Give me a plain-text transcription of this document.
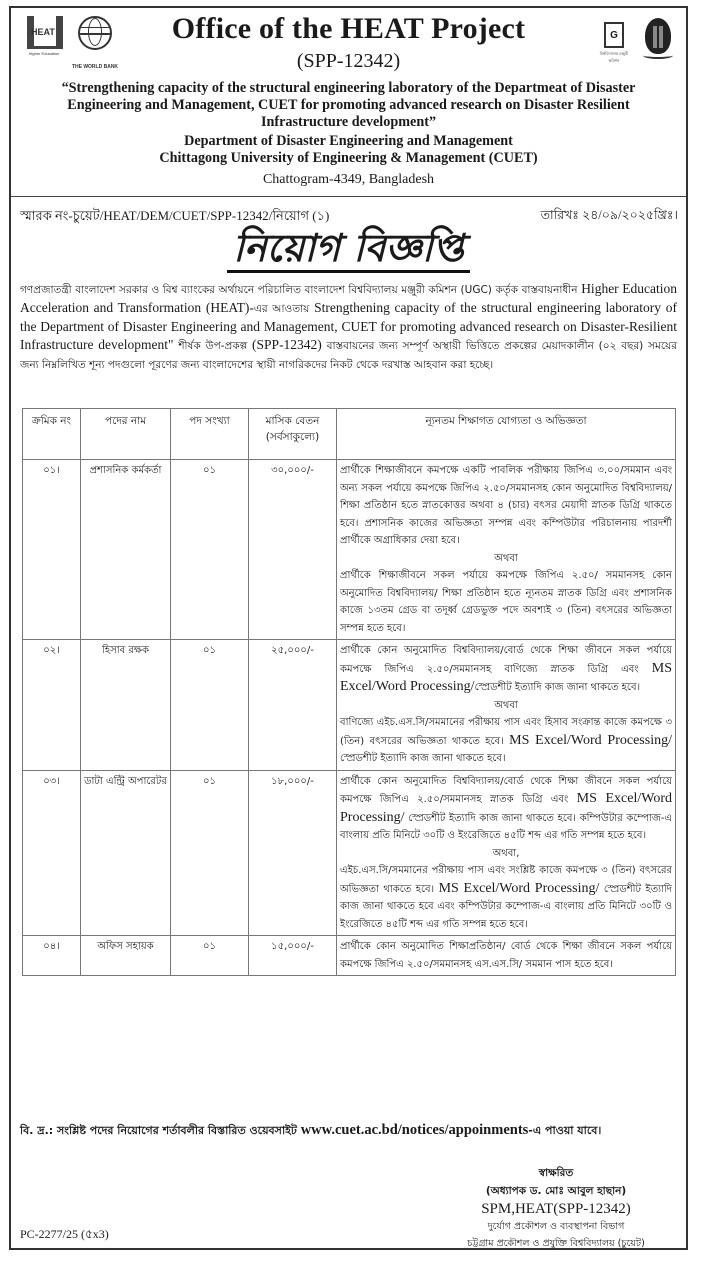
HEAT
Higher Education
THE WORLD BANK
Office of the HEAT Project
(SPP-12342)
“Strengthening capacity of the structural engineering laboratory of the Departmeat of Disaster Engineering and Management, CUET for promoting advanced research on Disaster Resilient Infrastructure development”
Department of Disaster Engineering and Management
Chittagong University of Engineering & Management (CUET)
Chattogram-4349, Bangladesh
G
বিশ্ববিদ্যালয় মঞ্জুরী কমিশন
স্মারক নং-চুয়েট/HEAT/DEM/CUET/SPP-12342/নিয়োগ (১)	তারিখঃ ২৪/০৯/২০২৫খ্রিঃ।
নিয়োগ বিজ্ঞপ্তি
গণপ্রজাতন্ত্রী বাংলাদেশ সরকার ও বিশ্ব ব্যাংকের অর্থায়নে পরিচালিত বাংলাদেশ বিশ্ববিদ্যালয় মঞ্জুরী কমিশন (UGC) কর্তৃক বাস্তবায়নাধীন Higher Education Acceleration and Transformation (HEAT)-এর আওতায় Strengthening capacity of the structural engineering laboratory of the Department of Disaster Engineering and Management, CUET for promoting advanced research on Disaster-Resilient Infrastructure development" শীর্ষক উপ-প্রকল্প (SPP-12342) বাস্তবায়নের জন্য সম্পূর্ণ অস্থায়ী ভিত্তিতে প্রকল্পের মেয়াদকালীন (০২ বছর) সময়ের জন্য নিম্নলিখিত শূন্য পদগুলো পূরণের জন্য বাংলাদেশের স্থায়ী নাগরিকদের নিকট থেকে দরখাস্ত আহবান করা হচ্ছে।
ক্রমিক নং	পদের নাম	পদ সংখ্যা	মাসিক বেতন (সর্বসাকুল্যে)	ন্যূনতম শিক্ষাগত যোগ্যতা ও অভিজ্ঞতা
০১।	প্রশাসনিক কর্মকর্তা	০১	৩০,০০০/-	প্রার্থীকে শিক্ষাজীবনে কমপক্ষে একটি পাবলিক পরীক্ষায় জিপিএ ৩.০০/সমমান এবং অন্য সকল পর্যায়ে কমপক্ষে জিপিএ ২.৫০/সমমানসহ কোন অনুমোদিত বিশ্ববিদ্যালয়/শিক্ষা প্রতিষ্ঠান হতে স্নাতকোত্তর অথবা ৪ (চার) বৎসর মেয়াদী স্নাতক ডিগ্রি থাকতে হবে। প্রশাসনিক কাজের অভিজ্ঞতা সম্পন্ন এবং কম্পিউটার পরিচালনায় পারদর্শী প্রার্থীকে অগ্রাধিকার দেয়া হবে।
অথবা
প্রার্থীকে শিক্ষাজীবনে সকল পর্যায়ে কমপক্ষে জিপিএ ২.৫০/ সমমানসহ কোন অনুমোদিত বিশ্ববিদ্যালয়/ শিক্ষা প্রতিষ্ঠান হতে ন্যূনতম স্নাতক ডিগ্রি এবং প্রশাসনিক কাজে ১৩তম গ্রেড বা তদূর্ধ্ব গ্রেডভুক্ত পদে অবশ্যই ৩ (তিন) বৎসরের অভিজ্ঞতা সম্পন্ন হতে হবে।
০২।	হিসাব রক্ষক	০১	২৫,০০০/-	প্রার্থীকে কোন অনুমোদিত বিশ্ববিদ্যালয়/বোর্ড থেকে শিক্ষা জীবনে সকল পর্যায়ে কমপক্ষে জিপিএ ২.৫০/সমমানসহ বাণিজ্যে স্নাতক ডিগ্রি এবং MS Excel/Word Processing/স্প্রেডশীট ইত্যাদি কাজ জানা থাকতে হবে।
অথবা
বাণিজ্যে এইচ.এস.সি/সমমানের পরীক্ষায় পাস এবং হিসাব সংক্রান্ত কাজে কমপক্ষে ৩ (তিন) বৎসরের অভিজ্ঞতা থাকতে হবে। MS Excel/Word Processing/ স্প্রেডশীট ইত্যাদি কাজ জানা থাকতে হবে।
০৩।	ডাটা এন্ট্রি অপারেটর	০১	১৮,০০০/-	প্রার্থীকে কোন অনুমোদিত বিশ্ববিদ্যালয়/বোর্ড থেকে শিক্ষা জীবনে সকল পর্যায়ে কমপক্ষে জিপিএ ২.৫০/সমমানসহ স্নাতক ডিগ্রি এবং MS Excel/Word Processing/ স্প্রেডশীট ইত্যাদি কাজ জানা থাকতে হবে। কম্পিউটার কম্পোজ-এ বাংলায় প্রতি মিনিটে ৩০টি ও ইংরেজিতে ৪৫টি শব্দ এর গতি সম্পন্ন হতে হবে।
অথবা,
এইচ.এস.সি/সমমানের পরীক্ষায় পাস এবং সংশ্লিষ্ট কাজে কমপক্ষে ৩ (তিন) বৎসরের অভিজ্ঞতা থাকতে হবে। MS Excel/Word Processing/ স্প্রেডশীট ইত্যাদি কাজ জানা থাকতে হবে এবং কম্পিউটার কম্পোজ-এ বাংলায় প্রতি মিনিটে ৩০টি ও ইংরেজিতে ৪৫টি শব্দ এর গতি সম্পন্ন হতে হবে।
০৪।	অফিস সহায়ক	০১	১৫,০০০/-	প্রার্থীকে কোন অনুমোদিত শিক্ষাপ্রতিষ্ঠান/ বোর্ড থেকে শিক্ষা জীবনে সকল পর্যায়ে কমপক্ষে জিপিএ ২.৫০/সমমানসহ এস.এস.সি/ সমমান পাস হতে হবে।
বি. দ্র.: সংশ্লিষ্ট পদের নিয়োগের শর্তাবলীর বিস্তারিত ওয়েবসাইট www.cuet.ac.bd/notices/appoinments-এ পাওয়া যাবে।
স্বাক্ষরিত
(অধ্যাপক ড. মোঃ আবুল হাছান)
SPM,HEAT(SPP-12342)
দুর্যোগ প্রকৌশল ও ব্যবস্থাপনা বিভাগ
চট্টগ্রাম প্রকৌশল ও প্রযুক্তি বিশ্ববিদ্যালয় (চুয়েট)
PC-2277/25 (৫x3)
